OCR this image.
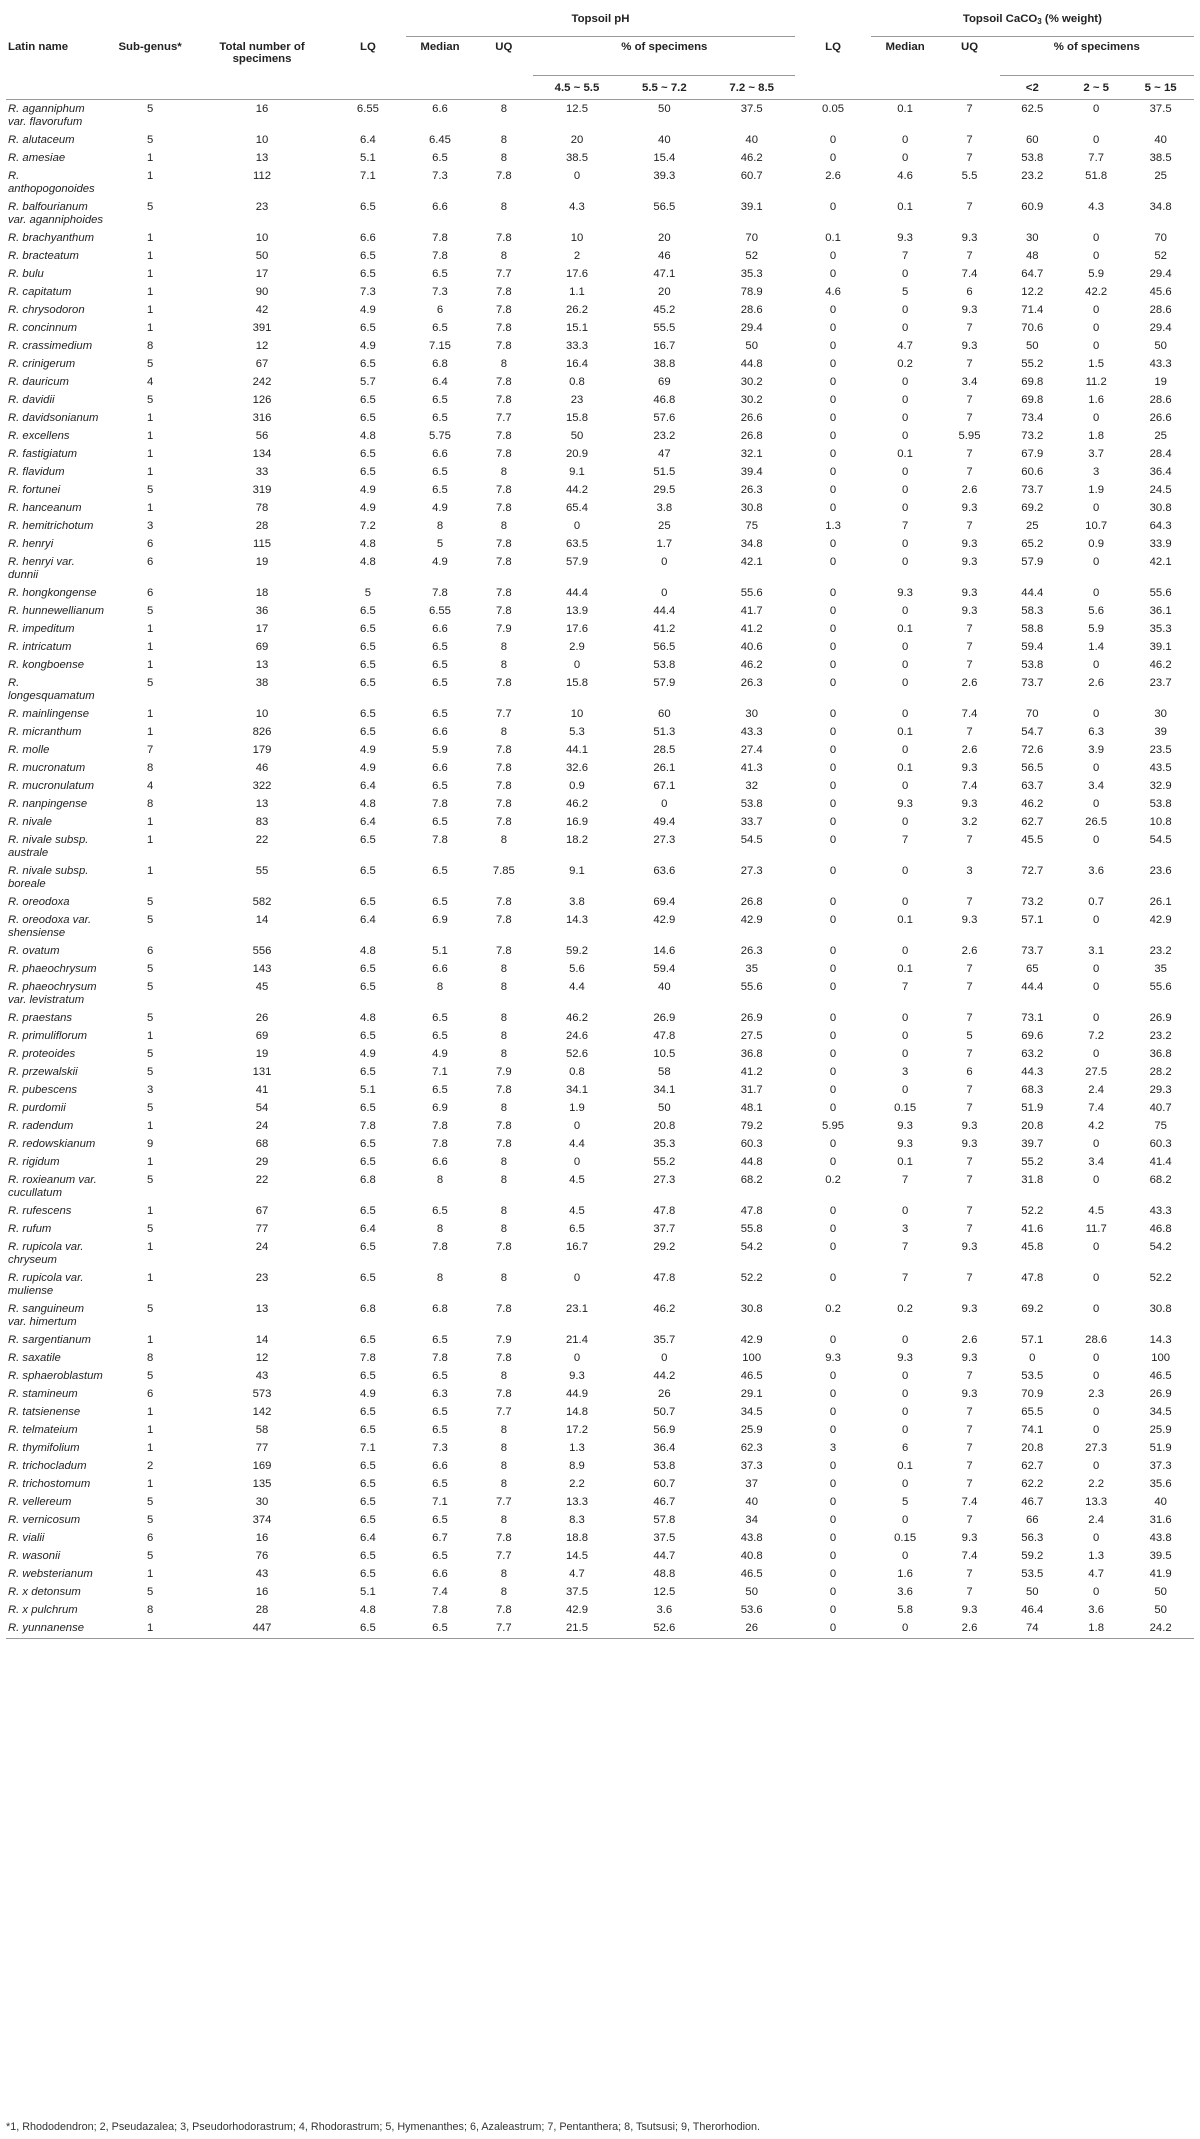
				Topsoil pH						Topsoil CaCO$_3$ (% weight)				
Latin name	Sub-genus*	Total number of specimens	LQ	Median	UQ	% of specimens			LQ	Median	UQ	% of specimens		
						4.5 ~ 5.5	5.5 ~ 7.2	7.2 ~ 8.5				<2	2 ~ 5	5 ~ 15
R. aganniphum var. flavorufum	5	16	6.55	6.6	8	12.5	50	37.5	0.05	0.1	7	62.5	0	37.5
R. alutaceum	5	10	6.4	6.45	8	20	40	40	0	0	7	60	0	40
R. amesiae	1	13	5.1	6.5	8	38.5	15.4	46.2	0	0	7	53.8	7.7	38.5
R. anthopogonoides	1	112	7.1	7.3	7.8	0	39.3	60.7	2.6	4.6	5.5	23.2	51.8	25
R. balfourianum var. aganniphoides	5	23	6.5	6.6	8	4.3	56.5	39.1	0	0.1	7	60.9	4.3	34.8
R. brachyanthum	1	10	6.6	7.8	7.8	10	20	70	0.1	9.3	9.3	30	0	70
R. bracteatum	1	50	6.5	7.8	8	2	46	52	0	7	7	48	0	52
R. bulu	1	17	6.5	6.5	7.7	17.6	47.1	35.3	0	0	7.4	64.7	5.9	29.4
R. capitatum	1	90	7.3	7.3	7.8	1.1	20	78.9	4.6	5	6	12.2	42.2	45.6
R. chrysodoron	1	42	4.9	6	7.8	26.2	45.2	28.6	0	0	9.3	71.4	0	28.6
R. concinnum	1	391	6.5	6.5	7.8	15.1	55.5	29.4	0	0	7	70.6	0	29.4
R. crassimedium	8	12	4.9	7.15	7.8	33.3	16.7	50	0	4.7	9.3	50	0	50
R. crinigerum	5	67	6.5	6.8	8	16.4	38.8	44.8	0	0.2	7	55.2	1.5	43.3
R. dauricum	4	242	5.7	6.4	7.8	0.8	69	30.2	0	0	3.4	69.8	11.2	19
R. davidii	5	126	6.5	6.5	7.8	23	46.8	30.2	0	0	7	69.8	1.6	28.6
R. davidsonianum	1	316	6.5	6.5	7.7	15.8	57.6	26.6	0	0	7	73.4	0	26.6
R. excellens	1	56	4.8	5.75	7.8	50	23.2	26.8	0	0	5.95	73.2	1.8	25
R. fastigiatum	1	134	6.5	6.6	7.8	20.9	47	32.1	0	0.1	7	67.9	3.7	28.4
R. flavidum	1	33	6.5	6.5	8	9.1	51.5	39.4	0	0	7	60.6	3	36.4
R. fortunei	5	319	4.9	6.5	7.8	44.2	29.5	26.3	0	0	2.6	73.7	1.9	24.5
R. hanceanum	1	78	4.9	4.9	7.8	65.4	3.8	30.8	0	0	9.3	69.2	0	30.8
R. hemitrichotum	3	28	7.2	8	8	0	25	75	1.3	7	7	25	10.7	64.3
R. henryi	6	115	4.8	5	7.8	63.5	1.7	34.8	0	0	9.3	65.2	0.9	33.9
R. henryi var. dunnii	6	19	4.8	4.9	7.8	57.9	0	42.1	0	0	9.3	57.9	0	42.1
R. hongkongense	6	18	5	7.8	7.8	44.4	0	55.6	0	9.3	9.3	44.4	0	55.6
R. hunnewellianum	5	36	6.5	6.55	7.8	13.9	44.4	41.7	0	0	9.3	58.3	5.6	36.1
R. impeditum	1	17	6.5	6.6	7.9	17.6	41.2	41.2	0	0.1	7	58.8	5.9	35.3
R. intricatum	1	69	6.5	6.5	8	2.9	56.5	40.6	0	0	7	59.4	1.4	39.1
R. kongboense	1	13	6.5	6.5	8	0	53.8	46.2	0	0	7	53.8	0	46.2
R. longesquamatum	5	38	6.5	6.5	7.8	15.8	57.9	26.3	0	0	2.6	73.7	2.6	23.7
R. mainlingense	1	10	6.5	6.5	7.7	10	60	30	0	0	7.4	70	0	30
R. micranthum	1	826	6.5	6.6	8	5.3	51.3	43.3	0	0.1	7	54.7	6.3	39
R. molle	7	179	4.9	5.9	7.8	44.1	28.5	27.4	0	0	2.6	72.6	3.9	23.5
R. mucronatum	8	46	4.9	6.6	7.8	32.6	26.1	41.3	0	0.1	9.3	56.5	0	43.5
R. mucronulatum	4	322	6.4	6.5	7.8	0.9	67.1	32	0	0	7.4	63.7	3.4	32.9
R. nanpingense	8	13	4.8	7.8	7.8	46.2	0	53.8	0	9.3	9.3	46.2	0	53.8
R. nivale	1	83	6.4	6.5	7.8	16.9	49.4	33.7	0	0	3.2	62.7	26.5	10.8
R. nivale subsp. australe	1	22	6.5	7.8	8	18.2	27.3	54.5	0	7	7	45.5	0	54.5
R. nivale subsp. boreale	1	55	6.5	6.5	7.85	9.1	63.6	27.3	0	0	3	72.7	3.6	23.6
R. oreodoxa	5	582	6.5	6.5	7.8	3.8	69.4	26.8	0	0	7	73.2	0.7	26.1
R. oreodoxa var. shensiense	5	14	6.4	6.9	7.8	14.3	42.9	42.9	0	0.1	9.3	57.1	0	42.9
R. ovatum	6	556	4.8	5.1	7.8	59.2	14.6	26.3	0	0	2.6	73.7	3.1	23.2
R. phaeochrysum	5	143	6.5	6.6	8	5.6	59.4	35	0	0.1	7	65	0	35
R. phaeochrysum var. levistratum	5	45	6.5	8	8	4.4	40	55.6	0	7	7	44.4	0	55.6
R. praestans	5	26	4.8	6.5	8	46.2	26.9	26.9	0	0	7	73.1	0	26.9
R. primuliflorum	1	69	6.5	6.5	8	24.6	47.8	27.5	0	0	5	69.6	7.2	23.2
R. proteoides	5	19	4.9	4.9	8	52.6	10.5	36.8	0	0	7	63.2	0	36.8
R. przewalskii	5	131	6.5	7.1	7.9	0.8	58	41.2	0	3	6	44.3	27.5	28.2
R. pubescens	3	41	5.1	6.5	7.8	34.1	34.1	31.7	0	0	7	68.3	2.4	29.3
R. purdomii	5	54	6.5	6.9	8	1.9	50	48.1	0	0.15	7	51.9	7.4	40.7
R. radendum	1	24	7.8	7.8	7.8	0	20.8	79.2	5.95	9.3	9.3	20.8	4.2	75
R. redowskianum	9	68	6.5	7.8	7.8	4.4	35.3	60.3	0	9.3	9.3	39.7	0	60.3
R. rigidum	1	29	6.5	6.6	8	0	55.2	44.8	0	0.1	7	55.2	3.4	41.4
R. roxieanum var. cucullatum	5	22	6.8	8	8	4.5	27.3	68.2	0.2	7	7	31.8	0	68.2
R. rufescens	1	67	6.5	6.5	8	4.5	47.8	47.8	0	0	7	52.2	4.5	43.3
R. rufum	5	77	6.4	8	8	6.5	37.7	55.8	0	3	7	41.6	11.7	46.8
R. rupicola var. chryseum	1	24	6.5	7.8	7.8	16.7	29.2	54.2	0	7	9.3	45.8	0	54.2
R. rupicola var. muliense	1	23	6.5	8	8	0	47.8	52.2	0	7	7	47.8	0	52.2
R. sanguineum var. himertum	5	13	6.8	6.8	7.8	23.1	46.2	30.8	0.2	0.2	9.3	69.2	0	30.8
R. sargentianum	1	14	6.5	6.5	7.9	21.4	35.7	42.9	0	0	2.6	57.1	28.6	14.3
R. saxatile	8	12	7.8	7.8	7.8	0	0	100	9.3	9.3	9.3	0	0	100
R. sphaeroblastum	5	43	6.5	6.5	8	9.3	44.2	46.5	0	0	7	53.5	0	46.5
R. stamineum	6	573	4.9	6.3	7.8	44.9	26	29.1	0	0	9.3	70.9	2.3	26.9
R. tatsienense	1	142	6.5	6.5	7.7	14.8	50.7	34.5	0	0	7	65.5	0	34.5
R. telmateium	1	58	6.5	6.5	8	17.2	56.9	25.9	0	0	7	74.1	0	25.9
R. thymifolium	1	77	7.1	7.3	8	1.3	36.4	62.3	3	6	7	20.8	27.3	51.9
R. trichocladum	2	169	6.5	6.6	8	8.9	53.8	37.3	0	0.1	7	62.7	0	37.3
R. trichostomum	1	135	6.5	6.5	8	2.2	60.7	37	0	0	7	62.2	2.2	35.6
R. vellereum	5	30	6.5	7.1	7.7	13.3	46.7	40	0	5	7.4	46.7	13.3	40
R. vernicosum	5	374	6.5	6.5	8	8.3	57.8	34	0	0	7	66	2.4	31.6
R. vialii	6	16	6.4	6.7	7.8	18.8	37.5	43.8	0	0.15	9.3	56.3	0	43.8
R. wasonii	5	76	6.5	6.5	7.7	14.5	44.7	40.8	0	0	7.4	59.2	1.3	39.5
R. websterianum	1	43	6.5	6.6	8	4.7	48.8	46.5	0	1.6	7	53.5	4.7	41.9
R. x detonsum	5	16	5.1	7.4	8	37.5	12.5	50	0	3.6	7	50	0	50
R. x pulchrum	8	28	4.8	7.8	7.8	42.9	3.6	53.6	0	5.8	9.3	46.4	3.6	50
R. yunnanense	1	447	6.5	6.5	7.7	21.5	52.6	26	0	0	2.6	74	1.8	24.2
*1, Rhododendron; 2, Pseudazalea; 3, Pseudorhodorastrum; 4, Rhodorastrum; 5, Hymenanthes; 6, Azaleastrum; 7, Pentanthera; 8, Tsutsusi; 9, Therorhodion.
